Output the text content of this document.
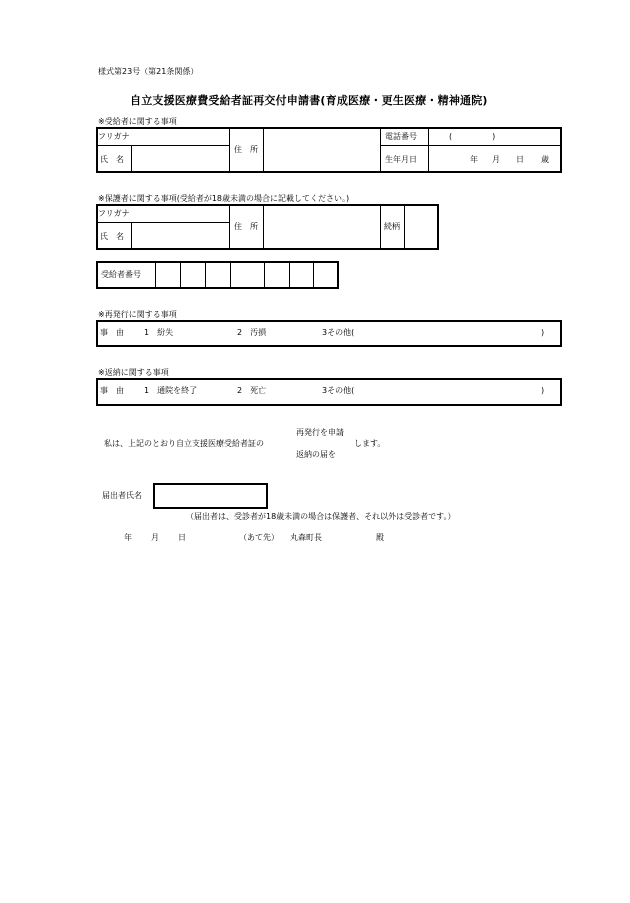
様式第23号（第21条関係）
自立支援医療費受給者証再交付申請書(育成医療・更生医療・精神通院)
※受給者に関する事項
フリガナ
氏　名
住　所
電話番号	(　　　　　)
生年月日	年 月 日 歳
※保護者に関する事項(受給者が18歳未満の場合に記載してください。)
フリガナ
氏　名
住　所	続柄
受給者番号
※再発行に関する事項
事　由	1　紛失	2　汚損	3その他(	)
※返納に関する事項
事　由	1　通院を終了	2　死亡	3その他(	)
私は、上記のとおり自立支援医療受給者証の
再発行を申請
返納の届を
します。
届出者氏名
（届出者は、受診者が18歳未満の場合は保護者、それ以外は受診者です。）
年 月 日	（あて先） 丸森町長	殿
